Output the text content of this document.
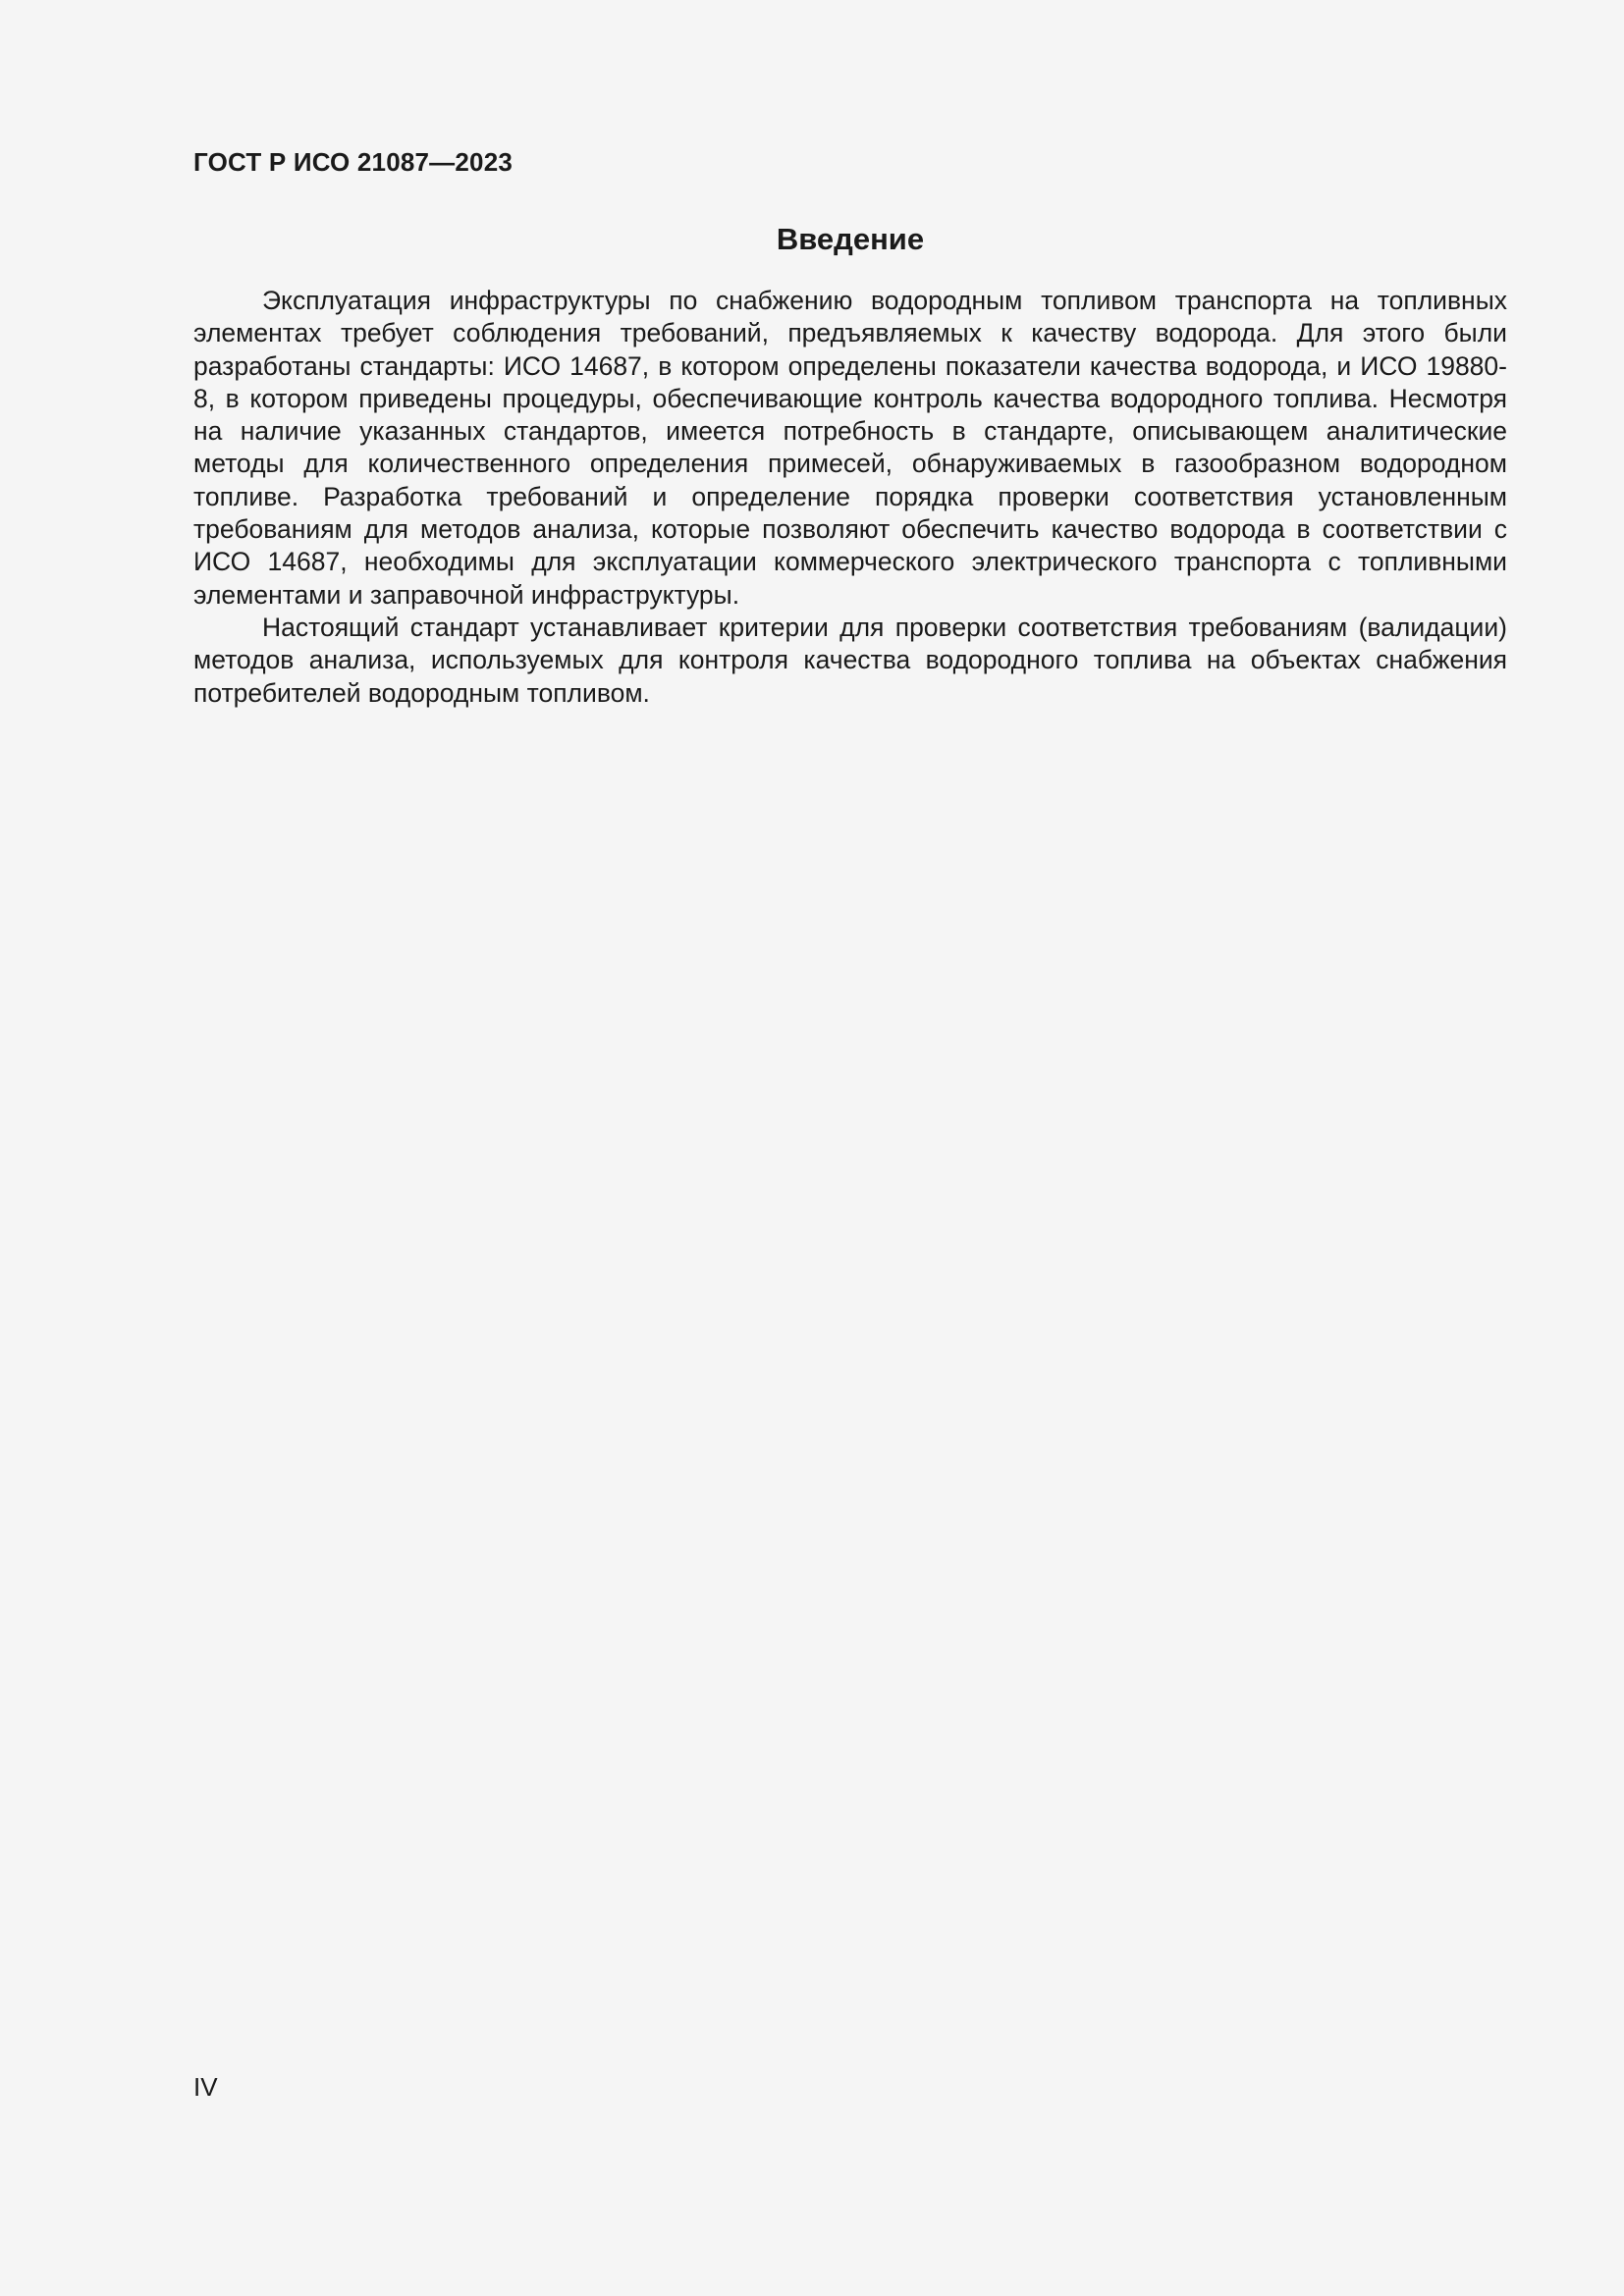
ГОСТ Р ИСО 21087—2023
Введение

Эксплуатация инфраструктуры по снабжению водородным топливом транспорта на топливных элементах требует соблюдения требований, предъявляемых к качеству водорода. Для этого были разработаны стандарты: ИСО 14687, в котором определены показатели качества водорода, и ИСО 19880-8, в котором приведены процедуры, обеспечивающие контроль качества водородного топлива. Несмотря на наличие указанных стандартов, имеется потребность в стандарте, описывающем аналитические методы для количественного определения примесей, обнаруживаемых в газообразном водородном топливе. Разработка требований и определение порядка проверки соответствия установленным требованиям для методов анализа, которые позволяют обеспечить качество водорода в соответствии с ИСО 14687, необходимы для эксплуатации коммерческого электрического транспорта с топливными элементами и заправочной инфраструктуры.

Настоящий стандарт устанавливает критерии для проверки соответствия требованиям (валидации) методов анализа, используемых для контроля качества водородного топлива на объектах снабжения потребителей водородным топливом.

IV
